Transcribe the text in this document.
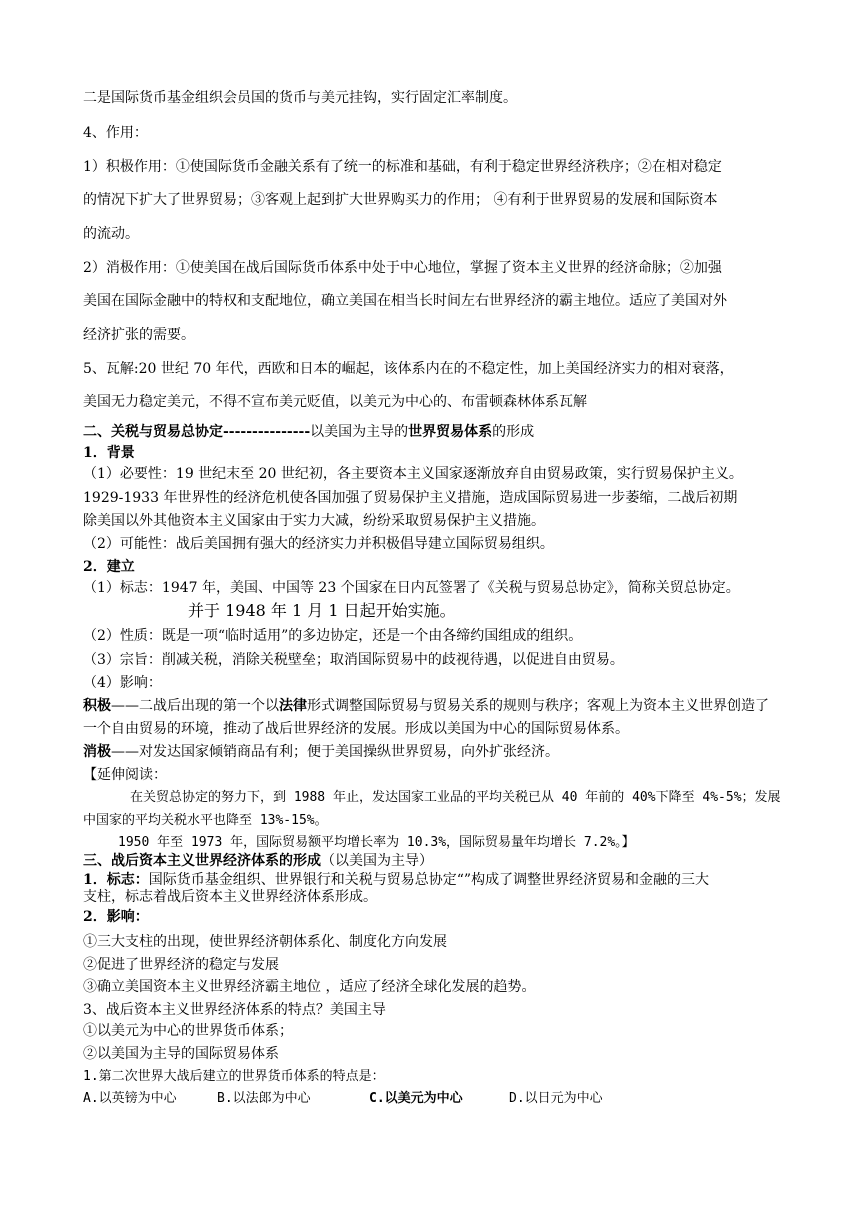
二是国际货币基金组织会员国的货币与美元挂钩，实行固定汇率制度。
4、作用：
1）积极作用：①使国际货币金融关系有了统一的标准和基础，有利于稳定世界经济秩序；②在相对稳定
的情况下扩大了世界贸易；③客观上起到扩大世界购买力的作用； ④有利于世界贸易的发展和国际资本
的流动。
2）消极作用：①使美国在战后国际货币体系中处于中心地位，掌握了资本主义世界的经济命脉；②加强
美国在国际金融中的特权和支配地位，确立美国在相当长时间左右世界经济的霸主地位。适应了美国对外
经济扩张的需要。
5、瓦解:20 世纪 70 年代，西欧和日本的崛起，该体系内在的不稳定性，加上美国经济实力的相对衰落，
美国无力稳定美元，不得不宣布美元贬值，以美元为中心的、布雷顿森林体系瓦解
二、关税与贸易总协定---------------以美国为主导的世界贸易体系的形成
1．背景
（1）必要性：19 世纪末至 20 世纪初，各主要资本主义国家逐渐放弃自由贸易政策，实行贸易保护主义。
1929-1933 年世界性的经济危机使各国加强了贸易保护主义措施，造成国际贸易进一步萎缩，二战后初期
除美国以外其他资本主义国家由于实力大减，纷纷采取贸易保护主义措施。
（2）可能性：战后美国拥有强大的经济实力并积极倡导建立国际贸易组织。
2．建立
（1）标志：1947 年，美国、中国等 23 个国家在日内瓦签署了《关税与贸易总协定》，简称关贸总协定。
并于 1948 年 1 月 1 日起开始实施。
（2）性质：既是一项“临时适用”的多边协定，还是一个由各缔约国组成的组织。
（3）宗旨：削减关税，消除关税壁垒；取消国际贸易中的歧视待遇，以促进自由贸易。
（4）影响：
积极——二战后出现的第一个以法律形式调整国际贸易与贸易关系的规则与秩序；客观上为资本主义世界创造了
一个自由贸易的环境，推动了战后世界经济的发展。形成以美国为中心的国际贸易体系。
消极——对发达国家倾销商品有利；便于美国操纵世界贸易，向外扩张经济。
【延伸阅读：
在关贸总协定的努力下，到 1988 年止，发达国家工业品的平均关税已从 40 年前的 40%下降至 4%-5%；发展
中国家的平均关税水平也降至 13%-15%。
1950 年至 1973 年，国际贸易额平均增长率为 10.3%，国际贸易量年均增长 7.2%。】
三、战后资本主义世界经济体系的形成（以美国为主导）
1．标志：国际货币基金组织、世界银行和关税与贸易总协定“”构成了调整世界经济贸易和金融的三大
支柱，标志着战后资本主义世界经济体系形成。
2．影响：
①三大支柱的出现，使世界经济朝体系化、制度化方向发展
②促进了世界经济的稳定与发展
③确立美国资本主义世界经济霸主地位 ，适应了经济全球化发展的趋势。
3、战后资本主义世界经济体系的特点？美国主导
①以美元为中心的世界货币体系；
②以美国为主导的国际贸易体系
1.第二次世界大战后建立的世界货币体系的特点是：
A.以英镑为中心	B.以法郎为中心	C.以美元为中心	D.以日元为中心
